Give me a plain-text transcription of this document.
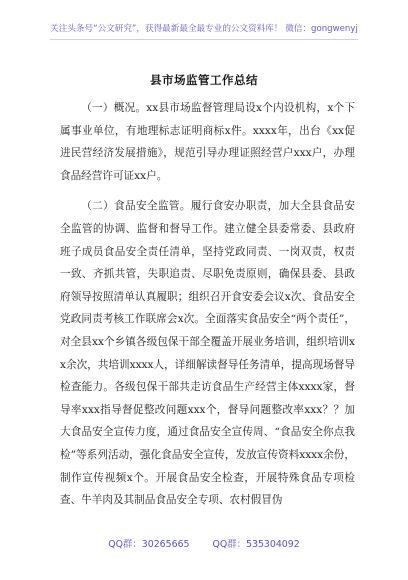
关注头条号“公文研究”，获得最新最全最专业的公文资料库！ 微信：gongwenyj
县市场监管工作总结

（一）概况。xx县市场监督管理局设x个内设机构，x个下属事业单位，有地理标志证明商标x件。xxxx年，出台《xx促进民营经济发展措施》，规范引导办理证照经营户xxx户，办理食品经营许可证xx户。

（二）食品安全监管。履行食安办职责，加大全县食品安全监管的协调、监督和督导工作。建立健全县委常委、县政府班子成员食品安全责任清单，坚持党政同责、一岗双责，权责一致、齐抓共管，失职追责、尽职免责原则，确保县委、县政府领导按照清单认真履职；组织召开食安委会议x次、食品安全党政同责考核工作联席会x次。全面落实食品安全“两个责任”，对全县xx个乡镇各级包保干部全覆盖开展业务培训，组织培训xx余次，共培训xxxx人，详细解读督导任务清单，提高现场督导检查能力。各级包保干部共走访食品生产经营主体xxxx家，督导率xxx指导督促整改问题xxx个，督导问题整改率xxx？？加大食品安全宣传力度，通过食品安全宣传周、“食品安全你点我检”等系列活动，强化食品安全宣传，发放宣传资料xxxx余份，制作宣传视频x个。开展食品安全检查，开展特殊食品专项检查、牛羊肉及其制品食品安全专项、农村假冒伪

QQ群：30265665 QQ群：535304092
